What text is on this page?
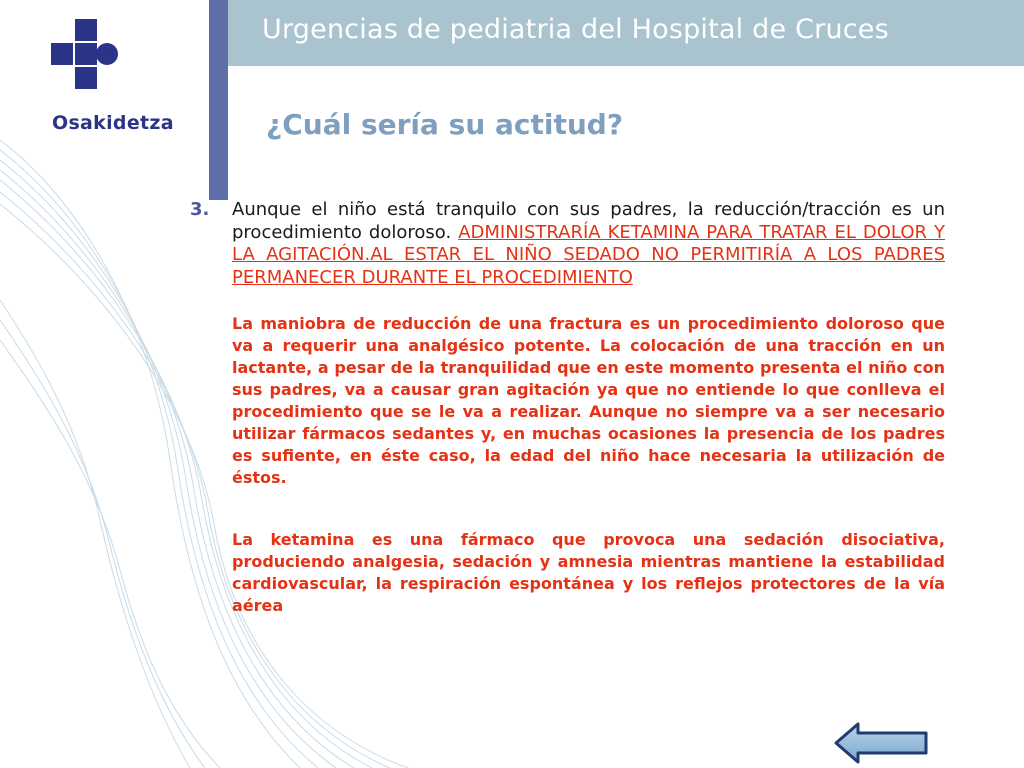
Urgencias de pediatria del Hospital de Cruces
Osakidetza	¿Cuál sería su actitud?
3. Aunque el niño está tranquilo con sus padres, la reducción/tracción es un procedimiento doloroso. ADMINISTRARÍA KETAMINA PARA TRATAR EL DOLOR Y LA AGITACIÓN.AL ESTAR EL NIÑO SEDADO NO PERMITIRÍA A LOS PADRES PERMANECER DURANTE EL PROCEDIMIENTO

La maniobra de reducción de una fractura es un procedimiento doloroso que va a requerir una analgésico potente. La colocación de una tracción en un lactante, a pesar de la tranquilidad que en este momento presenta el niño con sus padres, va a causar gran agitación ya que no entiende lo que conlleva el procedimiento que se le va a realizar. Aunque no siempre va a ser necesario utilizar fármacos sedantes y, en muchas ocasiones la presencia de los padres es sufiente, en éste caso, la edad del niño hace necesaria la utilización de éstos.

La ketamina es una fármaco que provoca una sedación disociativa, produciendo analgesia, sedación y amnesia mientras mantiene la estabilidad cardiovascular, la respiración espontánea y los reflejos protectores de la vía aérea
